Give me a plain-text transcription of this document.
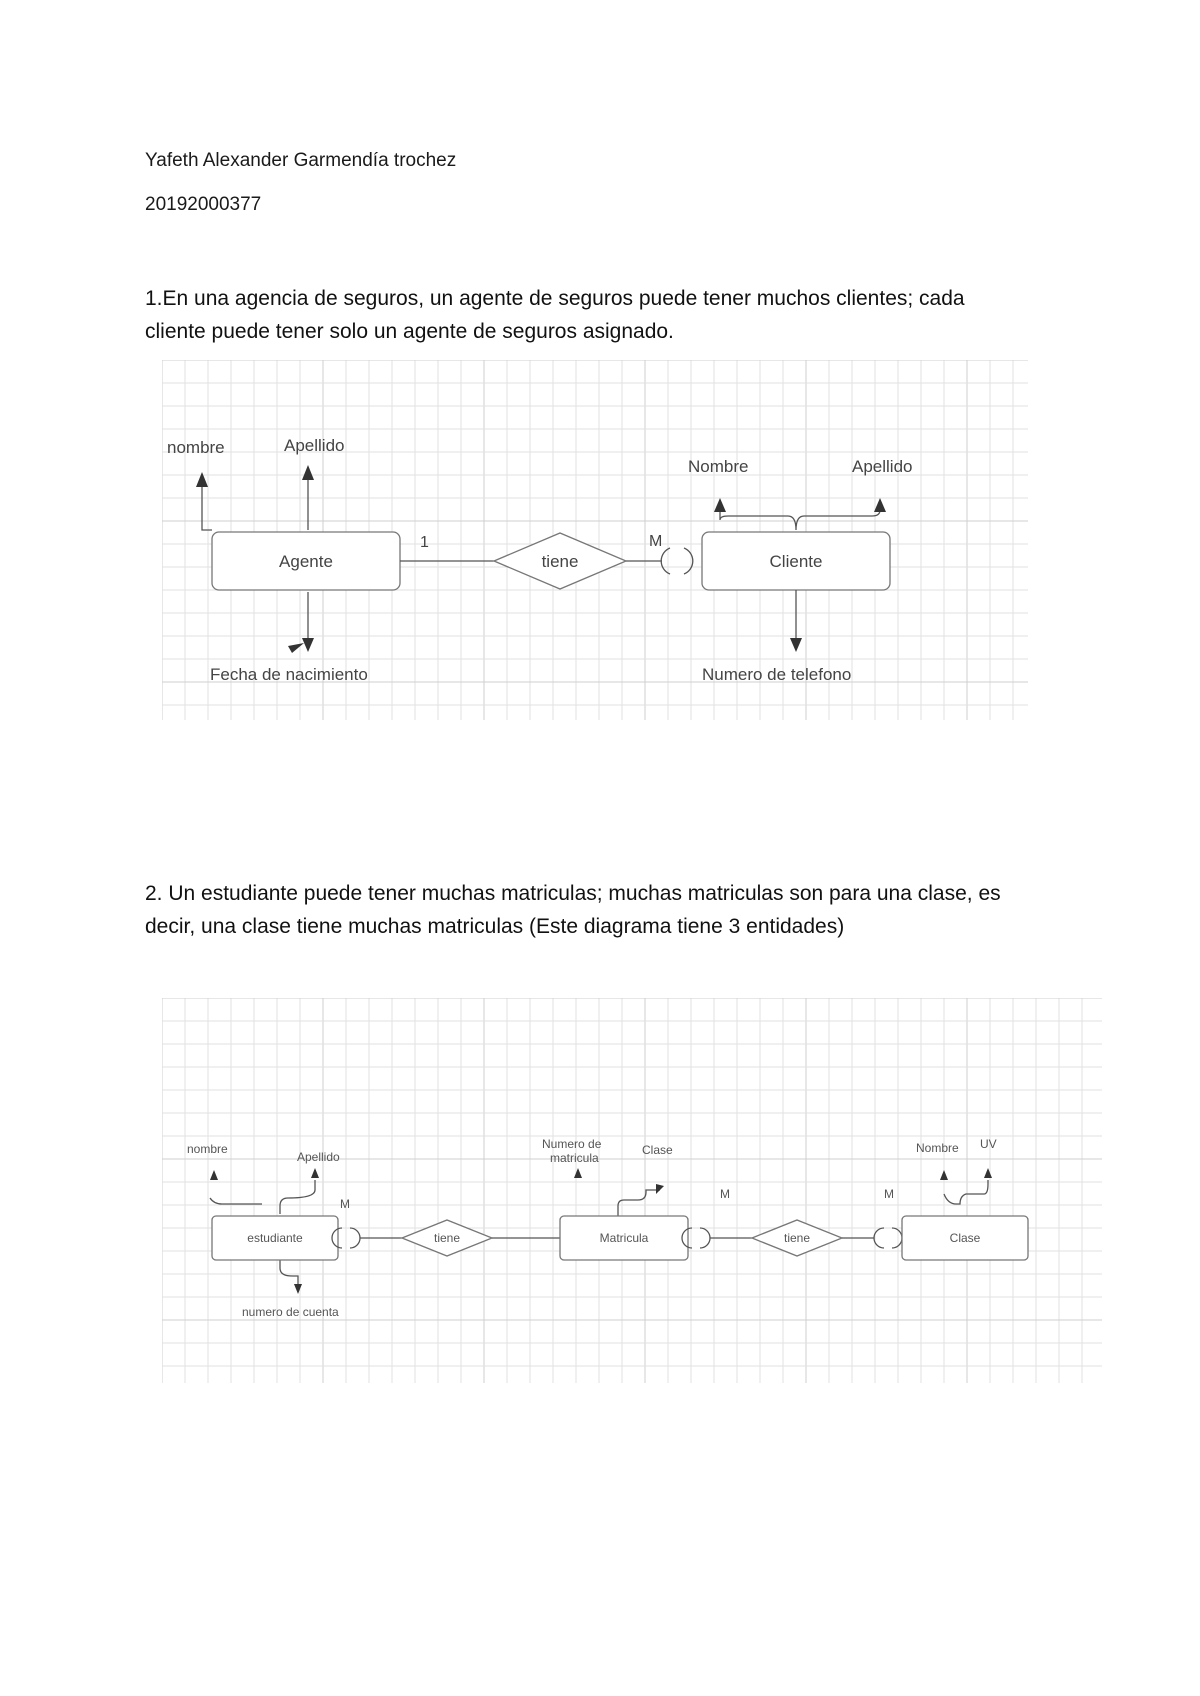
Yafeth Alexander Garmendía trochez

20192000377

1.En una agencia de seguros, un agente de seguros puede tener muchos clientes; cada
cliente puede tener solo un agente de seguros asignado.
nombre	Apellido
Fecha de nacimiento
Agente
1
tiene
M
Cliente
Nombre	Apellido
Numero de telefono
2. Un estudiante puede tener muchas matriculas; muchas matriculas son para una clase, es
decir, una clase tiene muchas matriculas (Este diagrama tiene 3 entidades)
nombre
Apellido
numero de cuenta
estudiante
M
tiene
Numero de
matricula
Clase
Matricula
M
tiene
M
Nombre UV
Clase
